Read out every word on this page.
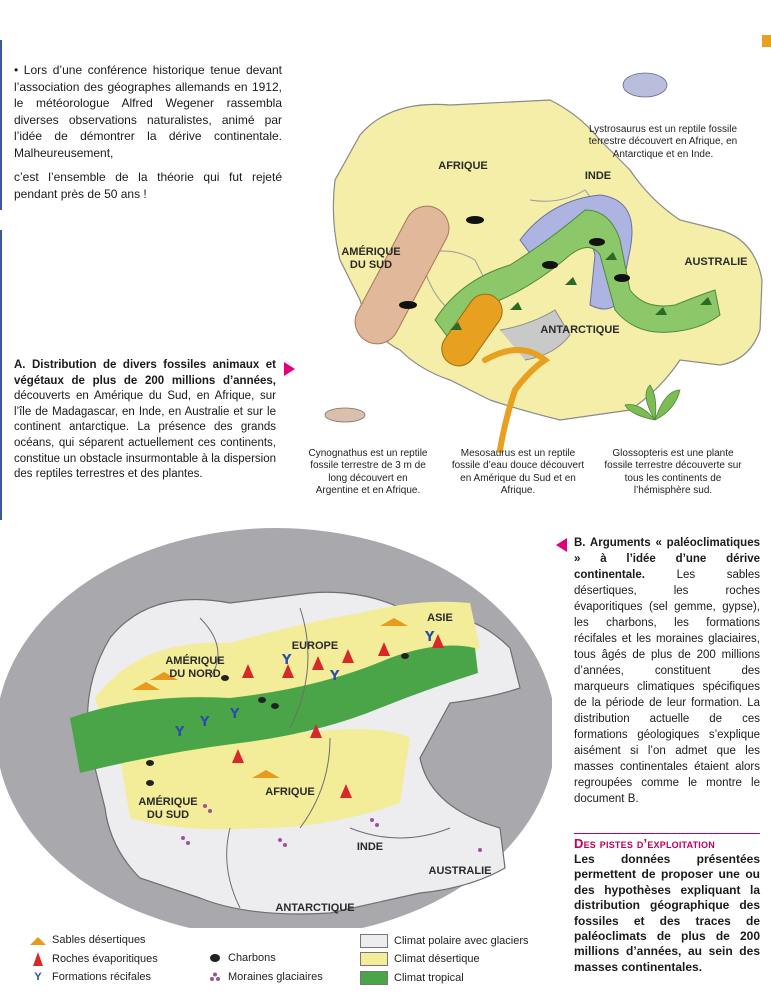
• Lors d’une conférence historique tenue devant l’association des géographes allemands en 1912, le météorologue Alfred Wegener rassembla diverses observations naturalistes, animé par l’idée de démontrer la dérive continentale. Malheureusement,

c’est l’ensemble de la théorie qui fut rejeté pendant près de 50 ans !

AFRIQUE
AMÉRIQUE
DU SUD
INDE
AUSTRALIE
ANTARCTIQUE
Lystrosaurus est un reptile fossile terrestre découvert en Afrique, en Antarctique et en Inde.
Cynognathus est un reptile fossile terrestre de 3 m de long découvert en Argentine et en Afrique.
Mesosaurus est un reptile fossile d’eau douce découvert en Amérique du Sud et en Afrique.
Glossopteris est une plante fossile terrestre découverte sur tous les continents de l’hémisphère sud.
A. Distribution de divers fossiles animaux et végétaux de plus de 200 millions d’années, découverts en Amérique du Sud, en Afrique, sur l’île de Madagascar, en Inde, en Australie et sur le continent antarctique. La présence des grands océans, qui séparent actuellement ces continents, constitue un obstacle insurmontable à la dispersion des reptiles terrestres et des plantes.
Y
Y
Y
Y
Y
Y
AMÉRIQUE
DU NORD
EUROPE
ASIE
AFRIQUE
AMÉRIQUE
DU SUD
INDE
AUSTRALIE
ANTARCTIQUE
Sables désertiques
Roches évaporitiques
Y Formations récifales
Charbons
Moraines glaciaires
Climat polaire avec glaciers
Climat désertique
Climat tropical
B. Arguments « paléoclimatiques » à l’idée d’une dérive continentale. Les sables désertiques, les roches évaporitiques (sel gemme, gypse), les charbons, les formations récifales et les moraines glaciaires, tous âgés de plus de 200 millions d’années, constituent des marqueurs climatiques spécifiques de la période de leur formation. La distribution actuelle de ces formations géologiques s’explique aisément si l’on admet que les masses continentales étaient alors regroupées comme le montre le document B.
Des pistes d’exploitation
Les données présentées permettent de proposer une ou des hypothèses expliquant la distribution géographique des fossiles et des traces de paléoclimats de plus de 200 millions d’années, au sein des masses continentales.
